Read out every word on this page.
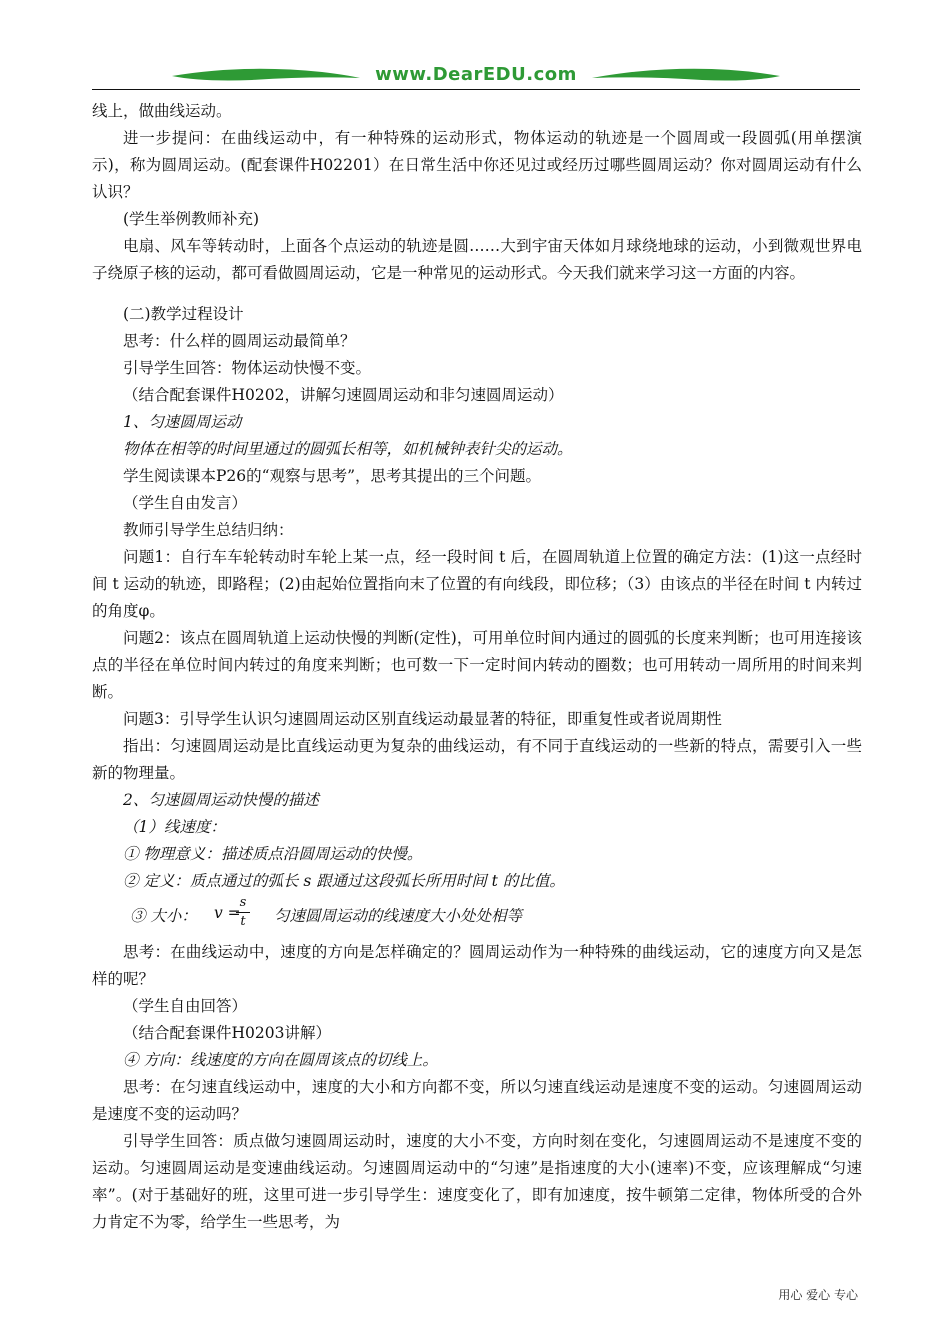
www.DearEDU.com

线上，做曲线运动。

进一步提问：在曲线运动中，有一种特殊的运动形式，物体运动的轨迹是一个圆周或一段圆弧(用单摆演示)，称为圆周运动。(配套课件H02201）在日常生活中你还见过或经历过哪些圆周运动？你对圆周运动有什么认识？

(学生举例教师补充)

电扇、风车等转动时，上面各个点运动的轨迹是圆……大到宇宙天体如月球绕地球的运动，小到微观世界电子绕原子核的运动，都可看做圆周运动，它是一种常见的运动形式。今天我们就来学习这一方面的内容。

(二)教学过程设计

思考：什么样的圆周运动最简单？

引导学生回答：物体运动快慢不变。

（结合配套课件H0202，讲解匀速圆周运动和非匀速圆周运动）

1、匀速圆周运动

物体在相等的时间里通过的圆弧长相等，如机械钟表针尖的运动。

学生阅读课本P26的“观察与思考”，思考其提出的三个问题。

（学生自由发言）

教师引导学生总结归纳：

问题1：自行车车轮转动时车轮上某一点，经一段时间 t 后，在圆周轨道上位置的确定方法：(1)这一点经时间 t 运动的轨迹，即路程；(2)由起始位置指向末了位置的有向线段，即位移；（3）由该点的半径在时间 t 内转过的角度φ。

问题2：该点在圆周轨道上运动快慢的判断(定性)，可用单位时间内通过的圆弧的长度来判断；也可用连接该点的半径在单位时间内转过的角度来判断；也可数一下一定时间内转动的圈数；也可用转动一周所用的时间来判断。

问题3：引导学生认识匀速圆周运动区别直线运动最显著的特征，即重复性或者说周期性

指出：匀速圆周运动是比直线运动更为复杂的曲线运动，有不同于直线运动的一些新的特点，需要引入一些新的物理量。

2、匀速圆周运动快慢的描述

（1）线速度：

① 物理意义：描述质点沿圆周运动的快慢。

② 定义：质点通过的弧长 s 跟通过这段弧长所用时间 t 的比值。

③ 大小： v =
s
t 匀速圆周运动的线速度大小处处相等

思考：在曲线运动中，速度的方向是怎样确定的？圆周运动作为一种特殊的曲线运动，它的速度方向又是怎样的呢？

（学生自由回答）

（结合配套课件H0203讲解）

④ 方向：线速度的方向在圆周该点的切线上。

思考：在匀速直线运动中，速度的大小和方向都不变，所以匀速直线运动是速度不变的运动。匀速圆周运动是速度不变的运动吗？

引导学生回答：质点做匀速圆周运动时，速度的大小不变，方向时刻在变化，匀速圆周运动不是速度不变的运动。匀速圆周运动是变速曲线运动。匀速圆周运动中的“匀速”是指速度的大小(速率)不变，应该理解成“匀速率”。(对于基础好的班，这里可进一步引导学生：速度变化了，即有加速度，按牛顿第二定律，物体所受的合外力肯定不为零，给学生一些思考，为

用心 爱心 专心
